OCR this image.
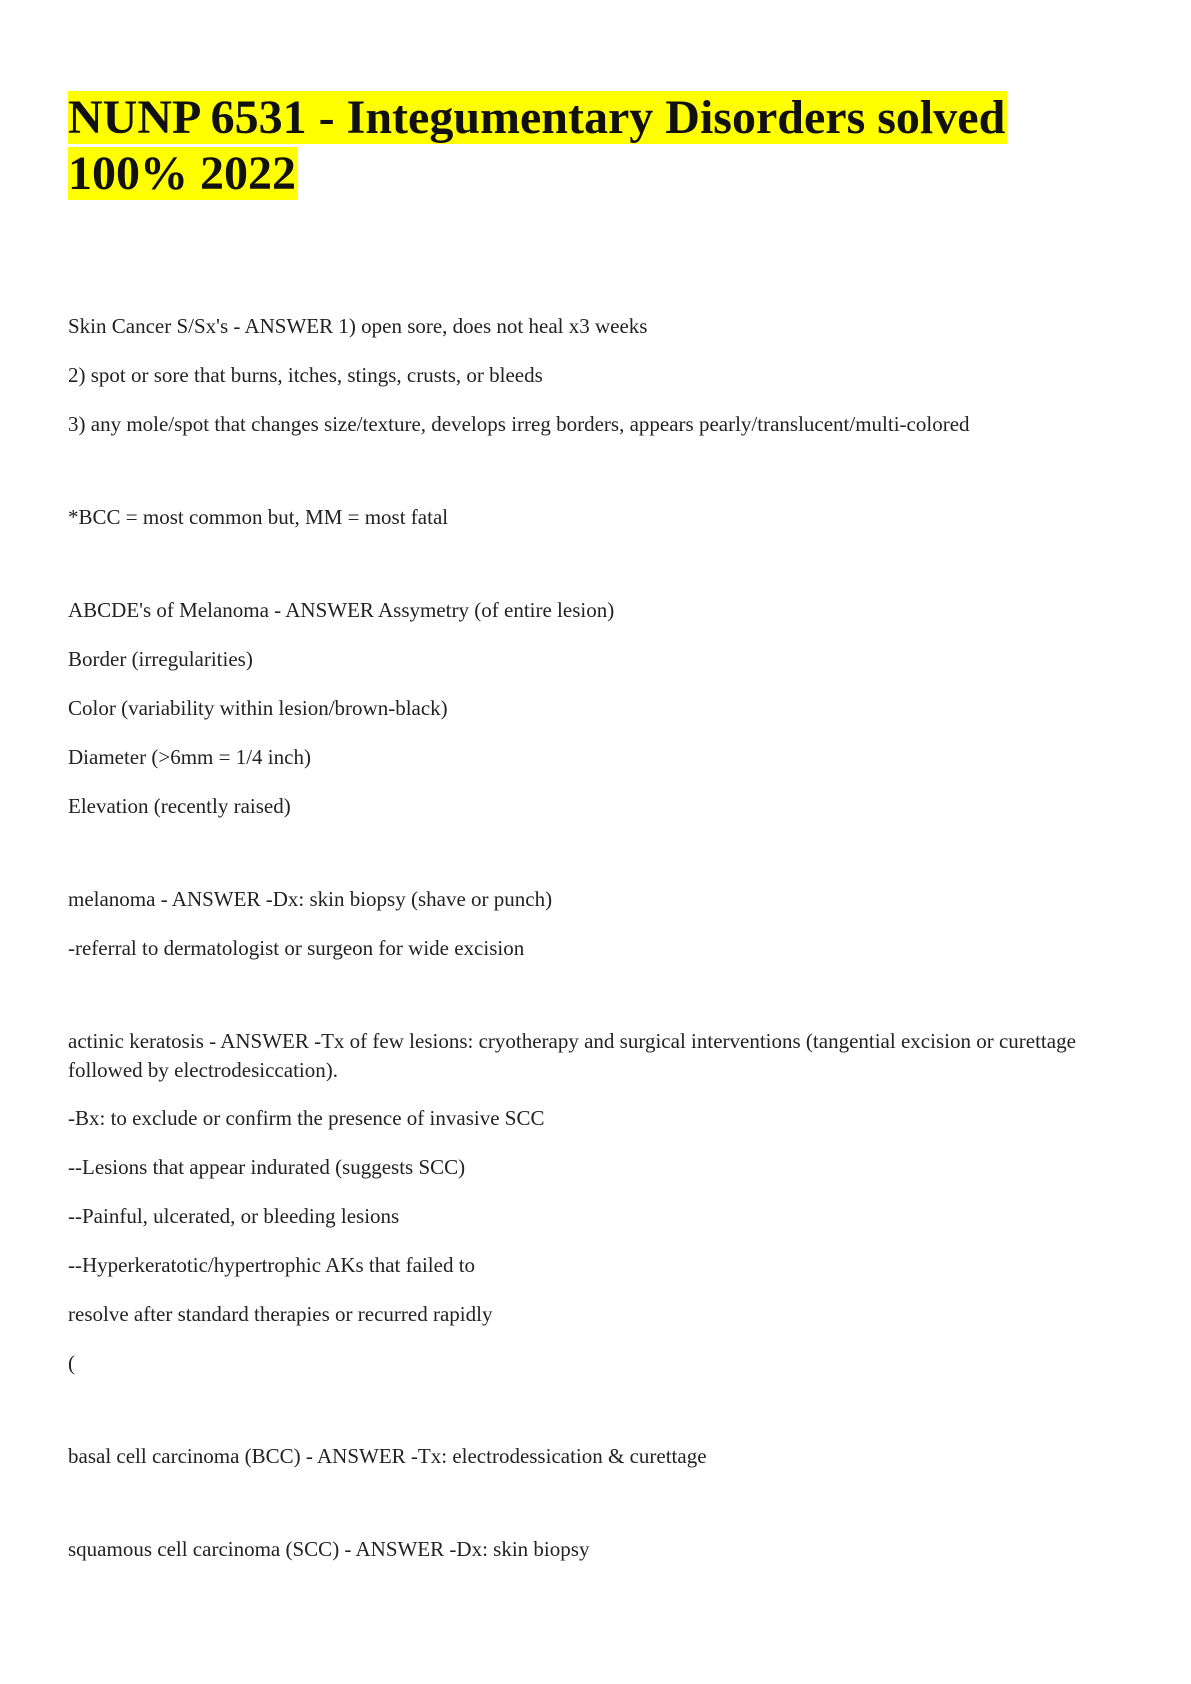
NUNP 6531 - Integumentary Disorders solved

100% 2022

Skin Cancer S/Sx's - ANSWER 1) open sore, does not heal x3 weeks

2) spot or sore that burns, itches, stings, crusts, or bleeds

3) any mole/spot that changes size/texture, develops irreg borders, appears pearly/translucent/multi-colored

*BCC = most common but, MM = most fatal

ABCDE's of Melanoma - ANSWER Assymetry (of entire lesion)

Border (irregularities)

Color (variability within lesion/brown-black)

Diameter (>6mm = 1/4 inch)

Elevation (recently raised)

melanoma - ANSWER -Dx: skin biopsy (shave or punch)

-referral to dermatologist or surgeon for wide excision

actinic keratosis - ANSWER -Tx of few lesions: cryotherapy and surgical interventions (tangential excision or curettage followed by electrodesiccation).

-Bx: to exclude or confirm the presence of invasive SCC

--Lesions that appear indurated (suggests SCC)

--Painful, ulcerated, or bleeding lesions

--Hyperkeratotic/hypertrophic AKs that failed to

resolve after standard therapies or recurred rapidly

(

basal cell carcinoma (BCC) - ANSWER -Tx: electrodessication & curettage

squamous cell carcinoma (SCC) - ANSWER -Dx: skin biopsy
